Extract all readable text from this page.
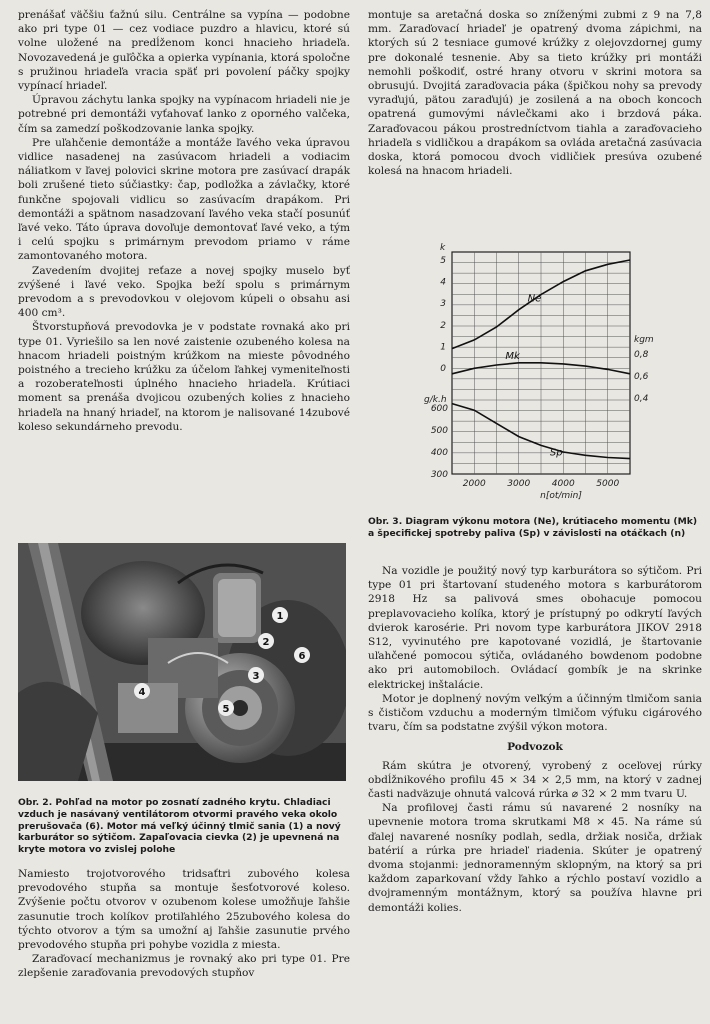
prenášať väčšiu ťažnú silu. Centrálne sa vypína — podobne ako pri type 01 — cez vodiace puzdro a hlavicu, ktoré sú volne uložené na predĺženom konci hnacieho hriadeľa. Novozavedená je guľôčka a opierka vypínania, ktorá spoločne s pružinou hriadeľa vracia späť pri povolení páčky spojky vypínací hriadeľ.

Úpravou záchytu lanka spojky na vypínacom hriadeli nie je potrebné pri demontáži vyťahovať lanko z oporného valčeka, čím sa zamedzí poškodzovanie lanka spojky.

Pre uľahčenie demontáže a montáže ľavého veka úpravou vidlice nasadenej na zasúvacom hriadeli a vodiacim náliatkom v ľavej polovici skrine motora pre zasúvací drapák boli zrušené tieto súčiastky: čap, podložka a závlačky, ktoré funkčne spojovali vidlicu so zasúvacím drapákom. Pri demontáži a spätnom nasadzovaní ľavého veka stačí posunúť ľavé veko. Táto úprava dovoľuje demontovať ľavé veko, a tým i celú spojku s primárnym prevodom priamo v ráme zamontovaného motora.

Zavedením dvojitej reťaze a novej spojky muselo byť zvýšené i ľavé veko. Spojka beží spolu s primárnym prevodom a s prevodovkou v olejovom kúpeli o obsahu asi 400 cm³.

Štvorstupňová prevodovka je v podstate rovnaká ako pri type 01. Vyriešilo sa len nové zaistenie ozubeného kolesa na hnacom hriadeli poistným krúžkom na mieste pôvodného poistného a trecieho krúžku za účelom ľahkej vymeniteľnosti a rozoberateľnosti úplného hnacieho hriadeľa. Krútiaci moment sa prenáša dvojicou ozubených kolies z hnacieho hriadeľa na hnaný hriadeľ, na ktorom je nalisované 14zubové koleso sekundárneho prevodu.

1
2
3
4
5
6
Obr. 2. Pohľad na motor po zosnatí zadného krytu. Chladiaci vzduch je nasávaný ventilátorom otvormi pravého veka okolo prerušovača (6). Motor má veľký účinný tlmič sania (1) a nový karburátor so sýtičom. Zapaľovacia cievka (2) je upevnená na kryte motora vo zvislej polohe

Namiesto trojotvorového tridsaťtri zubového kolesa prevodového stupňa sa montuje šesťotvorové koleso. Zvýšenie počtu otvorov v ozubenom kolese umožňuje ľahšie zasunutie troch kolíkov protiľahlého 25zubového kolesa do týchto otvorov a tým sa umožní aj ľahšie zasunutie prvého prevodového stupňa pri pohybe vozidla z miesta.

Zaraďovací mechanizmus je rovnaký ako pri type 01. Pre zlepšenie zaraďovania prevodových stupňov

montuje sa aretačná doska so zníženými zubmi z 9 na 7,8 mm. Zaraďovací hriadeľ je opatrený dvoma zápichmi, na ktorých sú 2 tesniace gumové krúžky z olejovzdornej gumy pre dokonalé tesnenie. Aby sa tieto krúžky pri montáži nemohli poškodiť, ostré hrany otvoru v skrini motora sa obrusujú. Dvojitá zaraďovacia páka (špičkou nohy sa prevody vyraďujú, pätou zaraďujú) je zosilená a na oboch koncoch opatrená gumovými návlečkami ako i brzdová páka. Zaraďovacou pákou prostredníctvom tiahla a zaraďovacieho hriadeľa s vidličkou a drapákom sa ovláda aretačná zasúvacia doska, ktorá pomocou dvoch vidličiek presúva ozubené kolesá na hnacom hriadeli.

k
5
4
3
2
1
0
g/k.h
600
500
400
300
kgm
0,8
0,6
0,4
2000 3000 4000 5000
n[ot/min]
Ne
Mk
Sp
Obr. 3. Diagram výkonu motora (Ne), krútiaceho momentu (Mk) a špecifickej spotreby paliva (Sp) v závislosti na otáčkach (n)

Na vozidle je použitý nový typ karburátora so sýtičom. Pri type 01 pri štartovaní studeného motora s karburátorom 2918 Hz sa palivová smes obohacuje pomocou preplavovacieho kolíka, ktorý je prístupný po odkrytí ľavých dvierok karosérie. Pri novom type karburátora JIKOV 2918 S12, vyvinutého pre kapotované vozidlá, je štartovanie uľahčené pomocou sýtiča, ovládaného bowdenom podobne ako pri automobiloch. Ovládací gombík je na skrinke elektrickej inštalácie.

Motor je doplnený novým veľkým a účinným tlmičom sania s čističom vzduchu a moderným tlmičom výfuku cigárového tvaru, čím sa podstatne zvýšil výkon motora.

Podvozok

Rám skútra je otvorený, vyrobený z oceľovej rúrky obdĺžnikového profilu 45 × 34 × 2,5 mm, na ktorý v zadnej časti nadväzuje ohnutá valcová rúrka ⌀ 32 × 2 mm tvaru U.

Na profilovej časti rámu sú navarené 2 nosníky na upevnenie motora troma skrutkami M8 × 45. Na ráme sú ďalej navarené nosníky podlah, sedla, držiak nosiča, držiak batérií a rúrka pre hriadeľ riadenia. Skúter je opatrený dvoma stojanmi: jednoramenným sklopným, na ktorý sa pri každom zaparkovaní vždy ľahko a rýchlo postaví vozidlo a dvojramenným montážnym, ktorý sa používa hlavne pri demontáži kolies.
